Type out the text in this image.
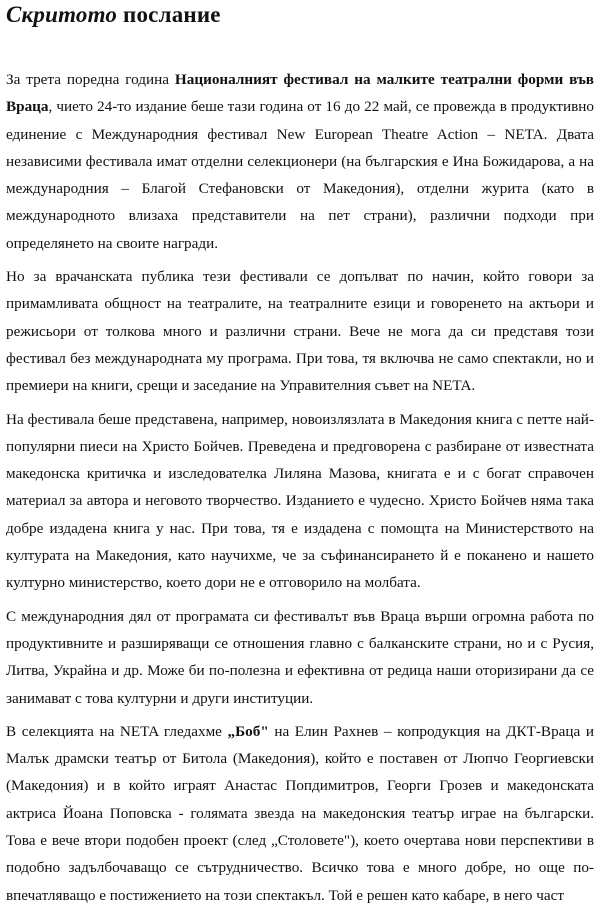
Скритото послание

За трета поредна година Националният фестивал на малките театрални форми във Враца, чието 24-то издание беше тази година от 16 до 22 май, се провежда в продуктивно единение с Международния фестивал New European Theatre Action – NETA. Двата независими фестивала имат отделни селекционери (на българския е Ина Божидарова, а на международния – Благой Стефановски от Македония), отделни журита (като в международното влизаха представители на пет страни), различни подходи при определянето на своите награди.

Но за врачанската публика тези фестивали се допълват по начин, който говори за примамливата общност на театралите, на театралните езици и говоренето на актьори и режисьори от толкова много и различни страни. Вече не мога да си представя този фестивал без международната му програма. При това, тя включва не само спектакли, но и премиери на книги, срещи и заседание на Управителния съвет на NETA.

На фестивала беше представена, например, новоизлязлата в Македония книга с петте най-популярни пиеси на Христо Бойчев. Преведена и предговорена с разбиране от известната македонска критичка и изследователка Лиляна Мазова, книгата е и с богат справочен материал за автора и неговото творчество. Изданието е чудесно. Христо Бойчев няма така добре издадена книга у нас. При това, тя е издадена с помощта на Министерството на културата на Македония, като научихме, че за съфинансирането й е поканено и нашето културно министерство, което дори не е отговорило на молбата.

С международния дял от програмата си фестивалът във Враца върши огромна работа по продуктивните и разширяващи се отношения главно с балканските страни, но и с Русия, Литва, Украйна и др. Може би по-полезна и ефективна от редица наши оторизирани да се занимават с това културни и други институции.

В селекцията на NETA гледахме „Боб" на Елин Рахнев – копродукция на ДКТ-Враца и Малък драмски театър от Битола (Македония), който е поставен от Люпчо Георгиевски (Македония) и в който играят Анастас Попдимитров, Георги Грозев и македонската актриса Йоана Поповска - голямата звезда на македонския театър играе на български. Това е вече втори подобен проект (след „Столовете"), което очертава нови перспективи в подобно задълбочаващо се сътрудничество. Всичко това е много добре, но още по-впечатляващо е постижението на този спектакъл. Той е решен като кабаре, в него част
